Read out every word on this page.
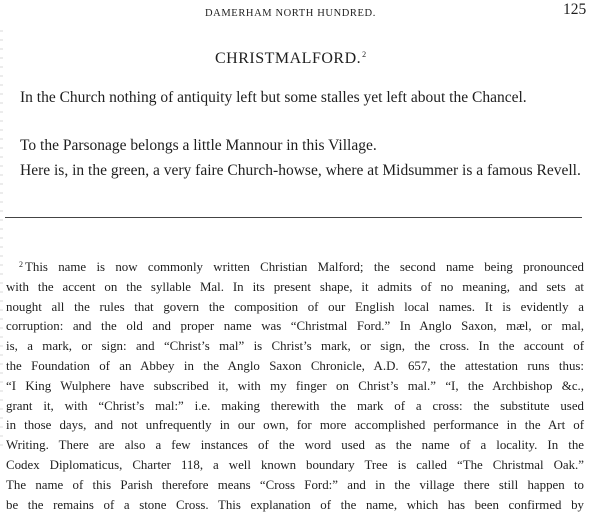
DAMERHAM NORTH HUNDRED.	125
CHRISTMALFORD.$^2$
In the Church nothing of antiquity left but some stalles yet left about the Chancel.
To the Parsonage belongs a little Mannour in this Village.
Here is, in the green, a very faire Church-howse, where at Midsummer is a famous Revell.
$^2$ This name is now commonly written Christian Malford; the second name being pronounced
with the accent on the syllable Mal. In its present shape, it admits of no meaning, and sets at
nought all the rules that govern the composition of our English local names. It is evidently a
corruption: and the old and proper name was “Christmal Ford.” In Anglo Saxon, mæl, or mal,
is, a mark, or sign: and “Christ’s mal” is Christ’s mark, or sign, the cross. In the account of
the Foundation of an Abbey in the Anglo Saxon Chronicle, A.D. 657, the attestation runs thus:
“I King Wulphere have subscribed it, with my finger on Christ’s mal.” “I, the Archbishop &c.,
grant it, with “Christ’s mal:” i.e. making therewith the mark of a cross: the substitute used
in those days, and not unfrequently in our own, for more accomplished performance in the Art of
Writing. There are also a few instances of the word used as the name of a locality. In the
Codex Diplomaticus, Charter 118, a well known boundary Tree is called “The Christmal Oak.”
The name of this Parish therefore means “Cross Ford:” and in the village there still happen to
be the remains of a stone Cross. This explanation of the name, which has been confirmed by
